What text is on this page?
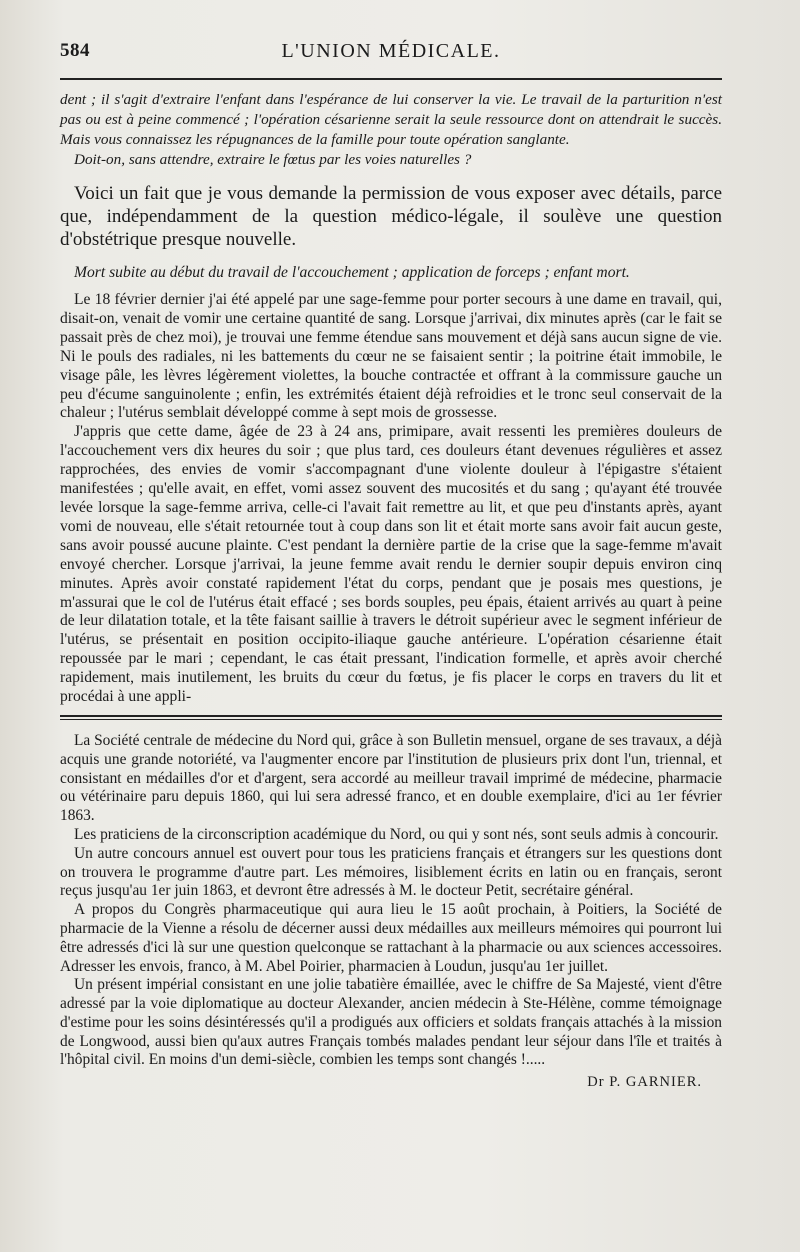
584	L'UNION MÉDICALE.

dent ; il s'agit d'extraire l'enfant dans l'espérance de lui conserver la vie. Le travail de la parturition n'est pas ou est à peine commencé ; l'opération césarienne serait la seule ressource dont on attendrait le succès. Mais vous connaissez les répugnances de la famille pour toute opération sanglante.

Doit-on, sans attendre, extraire le fœtus par les voies naturelles ?

Voici un fait que je vous demande la permission de vous exposer avec détails, parce que, indépendamment de la question médico-légale, il soulève une question d'obstétrique presque nouvelle.

Mort subite au début du travail de l'accouchement ; application de forceps ; enfant mort.

Le 18 février dernier j'ai été appelé par une sage-femme pour porter secours à une dame en travail, qui, disait-on, venait de vomir une certaine quantité de sang. Lorsque j'arrivai, dix minutes après (car le fait se passait près de chez moi), je trouvai une femme étendue sans mouvement et déjà sans aucun signe de vie. Ni le pouls des radiales, ni les battements du cœur ne se faisaient sentir ; la poitrine était immobile, le visage pâle, les lèvres légèrement violettes, la bouche contractée et offrant à la commissure gauche un peu d'écume sanguinolente ; enfin, les extrémités étaient déjà refroidies et le tronc seul conservait de la chaleur ; l'utérus semblait développé comme à sept mois de grossesse.

J'appris que cette dame, âgée de 23 à 24 ans, primipare, avait ressenti les premières douleurs de l'accouchement vers dix heures du soir ; que plus tard, ces douleurs étant devenues régulières et assez rapprochées, des envies de vomir s'accompagnant d'une violente douleur à l'épigastre s'étaient manifestées ; qu'elle avait, en effet, vomi assez souvent des mucosités et du sang ; qu'ayant été trouvée levée lorsque la sage-femme arriva, celle-ci l'avait fait remettre au lit, et que peu d'instants après, ayant vomi de nouveau, elle s'était retournée tout à coup dans son lit et était morte sans avoir fait aucun geste, sans avoir poussé aucune plainte. C'est pendant la dernière partie de la crise que la sage-femme m'avait envoyé chercher. Lorsque j'arrivai, la jeune femme avait rendu le dernier soupir depuis environ cinq minutes. Après avoir constaté rapidement l'état du corps, pendant que je posais mes questions, je m'assurai que le col de l'utérus était effacé ; ses bords souples, peu épais, étaient arrivés au quart à peine de leur dilatation totale, et la tête faisant saillie à travers le détroit supérieur avec le segment inférieur de l'utérus, se présentait en position occipito-iliaque gauche antérieure. L'opération césarienne était repoussée par le mari ; cependant, le cas était pressant, l'indication formelle, et après avoir cherché rapidement, mais inutilement, les bruits du cœur du fœtus, je fis placer le corps en travers du lit et procédai à une appli-

La Société centrale de médecine du Nord qui, grâce à son Bulletin mensuel, organe de ses travaux, a déjà acquis une grande notoriété, va l'augmenter encore par l'institution de plusieurs prix dont l'un, triennal, et consistant en médailles d'or et d'argent, sera accordé au meilleur travail imprimé de médecine, pharmacie ou vétérinaire paru depuis 1860, qui lui sera adressé franco, et en double exemplaire, d'ici au 1er février 1863.

Les praticiens de la circonscription académique du Nord, ou qui y sont nés, sont seuls admis à concourir.

Un autre concours annuel est ouvert pour tous les praticiens français et étrangers sur les questions dont on trouvera le programme d'autre part. Les mémoires, lisiblement écrits en latin ou en français, seront reçus jusqu'au 1er juin 1863, et devront être adressés à M. le docteur Petit, secrétaire général.

A propos du Congrès pharmaceutique qui aura lieu le 15 août prochain, à Poitiers, la Société de pharmacie de la Vienne a résolu de décerner aussi deux médailles aux meilleurs mémoires qui pourront lui être adressés d'ici là sur une question quelconque se rattachant à la pharmacie ou aux sciences accessoires. Adresser les envois, franco, à M. Abel Poirier, pharmacien à Loudun, jusqu'au 1er juillet.

Un présent impérial consistant en une jolie tabatière émaillée, avec le chiffre de Sa Majesté, vient d'être adressé par la voie diplomatique au docteur Alexander, ancien médecin à Ste-Hélène, comme témoignage d'estime pour les soins désintéressés qu'il a prodigués aux officiers et soldats français attachés à la mission de Longwood, aussi bien qu'aux autres Français tombés malades pendant leur séjour dans l'île et traités à l'hôpital civil. En moins d'un demi-siècle, combien les temps sont changés !.....

Dr P. GARNIER.
